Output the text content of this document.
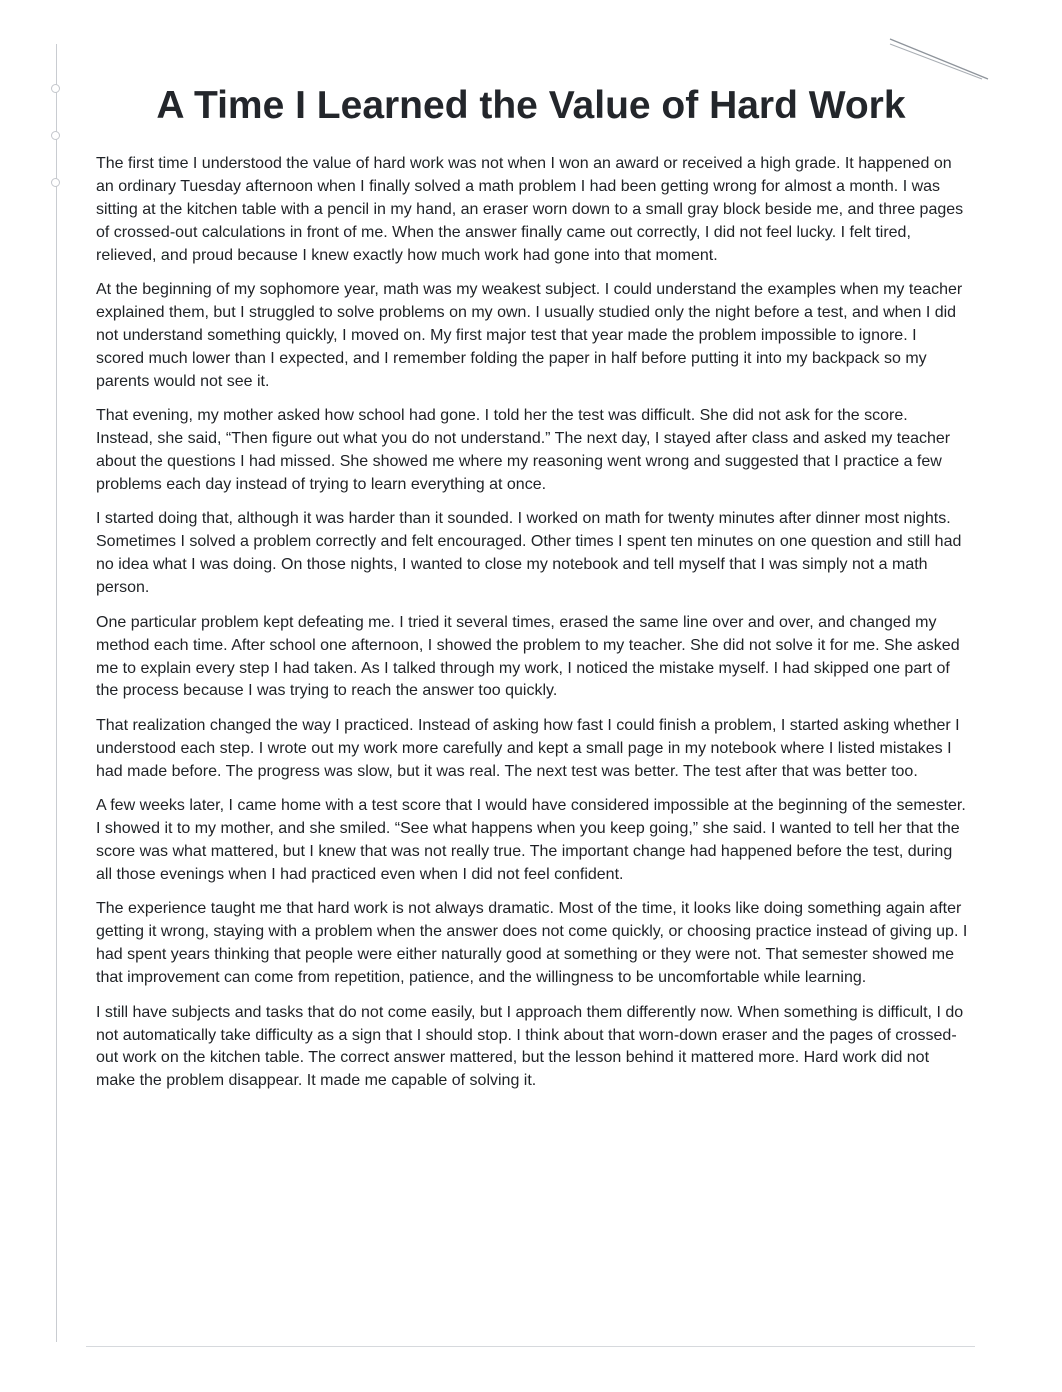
A Time I Learned the Value of Hard Work

The first time I understood the value of hard work was not when I won an award or received a high grade. It happened on an ordinary Tuesday afternoon when I finally solved a math problem I had been getting wrong for almost a month. I was sitting at the kitchen table with a pencil in my hand, an eraser worn down to a small gray block beside me, and three pages of crossed-out calculations in front of me. When the answer finally came out correctly, I did not feel lucky. I felt tired, relieved, and proud because I knew exactly how much work had gone into that moment.

At the beginning of my sophomore year, math was my weakest subject. I could understand the examples when my teacher explained them, but I struggled to solve problems on my own. I usually studied only the night before a test, and when I did not understand something quickly, I moved on. My first major test that year made the problem impossible to ignore. I scored much lower than I expected, and I remember folding the paper in half before putting it into my backpack so my parents would not see it.

That evening, my mother asked how school had gone. I told her the test was difficult. She did not ask for the score. Instead, she said, “Then figure out what you do not understand.” The next day, I stayed after class and asked my teacher about the questions I had missed. She showed me where my reasoning went wrong and suggested that I practice a few problems each day instead of trying to learn everything at once.

I started doing that, although it was harder than it sounded. I worked on math for twenty minutes after dinner most nights. Sometimes I solved a problem correctly and felt encouraged. Other times I spent ten minutes on one question and still had no idea what I was doing. On those nights, I wanted to close my notebook and tell myself that I was simply not a math person.

One particular problem kept defeating me. I tried it several times, erased the same line over and over, and changed my method each time. After school one afternoon, I showed the problem to my teacher. She did not solve it for me. She asked me to explain every step I had taken. As I talked through my work, I noticed the mistake myself. I had skipped one part of the process because I was trying to reach the answer too quickly.

That realization changed the way I practiced. Instead of asking how fast I could finish a problem, I started asking whether I understood each step. I wrote out my work more carefully and kept a small page in my notebook where I listed mistakes I had made before. The progress was slow, but it was real. The next test was better. The test after that was better too.

A few weeks later, I came home with a test score that I would have considered impossible at the beginning of the semester. I showed it to my mother, and she smiled. “See what happens when you keep going,” she said. I wanted to tell her that the score was what mattered, but I knew that was not really true. The important change had happened before the test, during all those evenings when I had practiced even when I did not feel confident.

The experience taught me that hard work is not always dramatic. Most of the time, it looks like doing something again after getting it wrong, staying with a problem when the answer does not come quickly, or choosing practice instead of giving up. I had spent years thinking that people were either naturally good at something or they were not. That semester showed me that improvement can come from repetition, patience, and the willingness to be uncomfortable while learning.

I still have subjects and tasks that do not come easily, but I approach them differently now. When something is difficult, I do not automatically take difficulty as a sign that I should stop. I think about that worn-down eraser and the pages of crossed-out work on the kitchen table. The correct answer mattered, but the lesson behind it mattered more. Hard work did not make the problem disappear. It made me capable of solving it.
